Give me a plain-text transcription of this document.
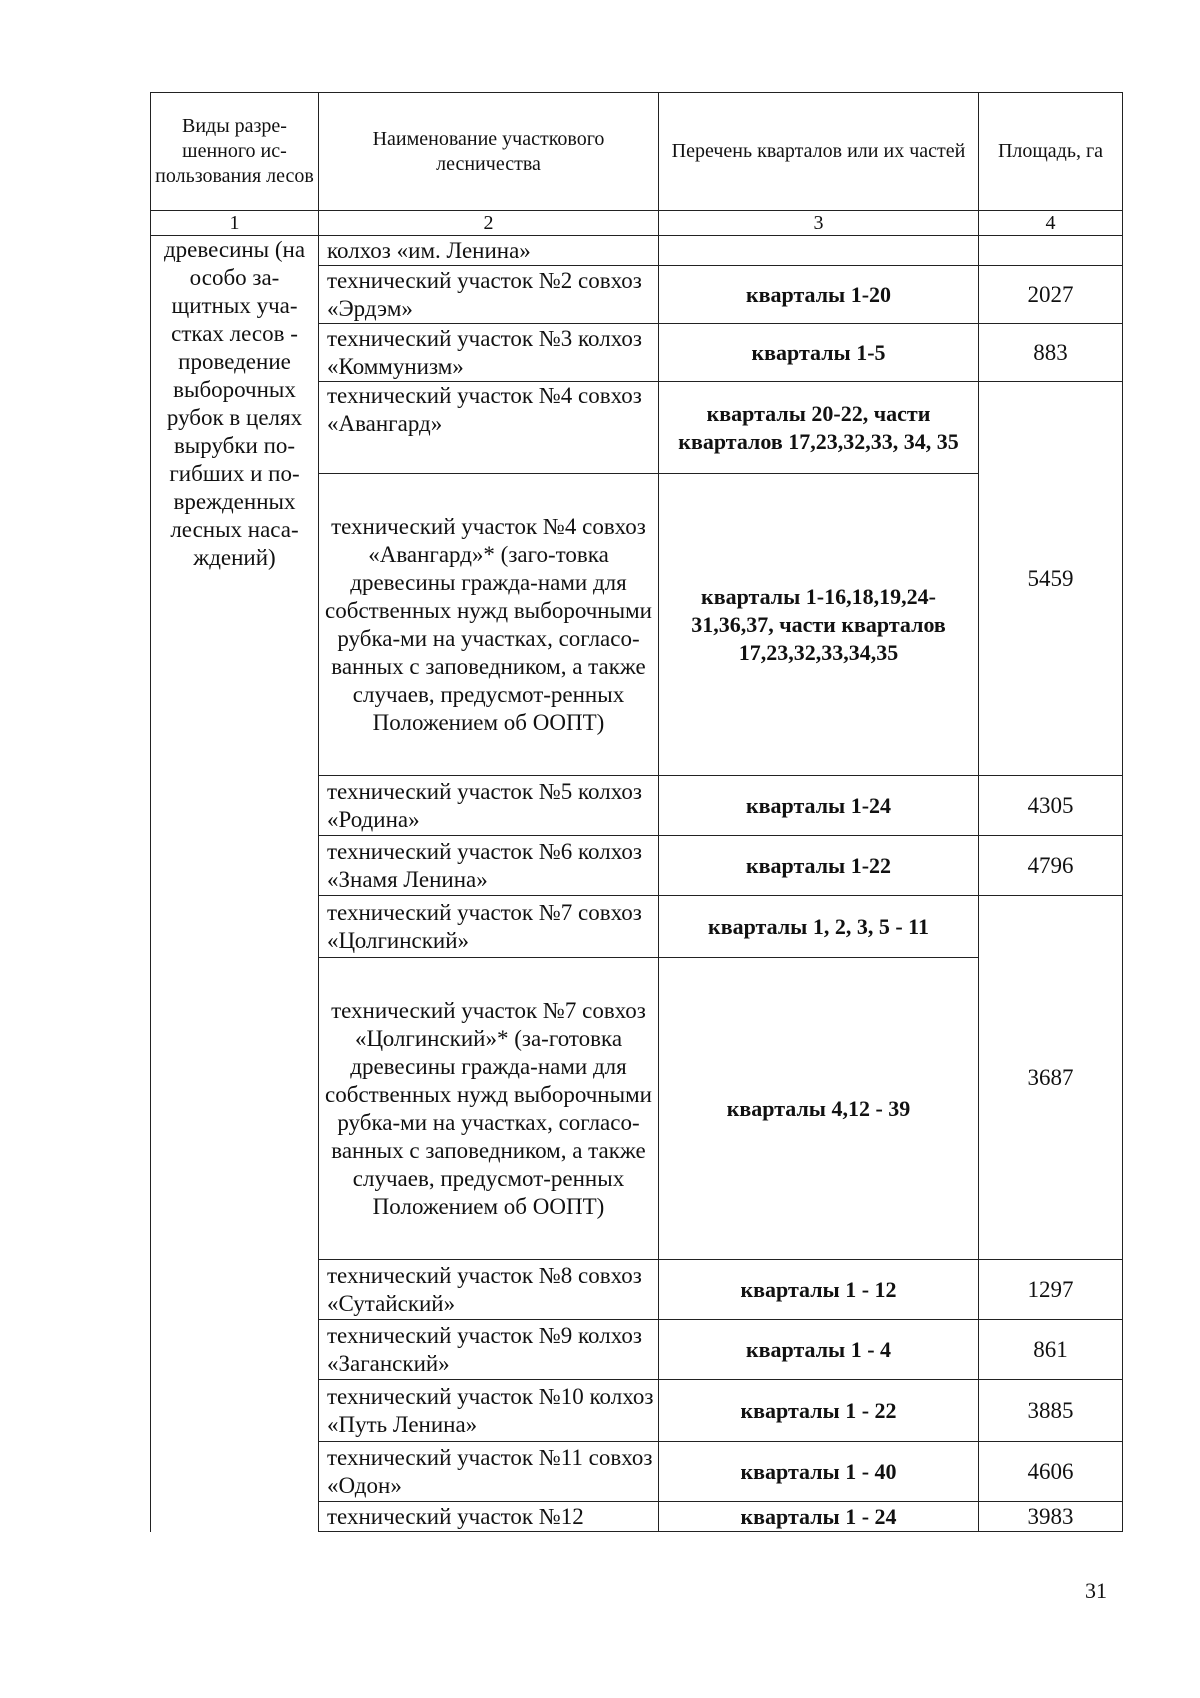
Виды разре-шенного ис-пользования лесов	Наименование участкового лесничества	Перечень кварталов или их частей	Площадь, га
1	2	3	4
древесины (на особо за-щитных уча-стках лесов - проведение выборочных рубок в целях вырубки по-гибших и по-врежденных лесных наса-ждений)	колхоз «им. Ленина»		
	технический участок №2 совхоз «Эрдэм»	кварталы 1-20	2027
	технический участок №3 колхоз «Коммунизм»	кварталы 1-5	883
	технический участок №4 совхоз «Авангард»	кварталы 20-22, части кварталов 17,23,32,33, 34, 35	5459
	технический участок №4 совхоз «Авангард»* (заго-товка древесины гражда-нами для собственных нужд выборочными рубка-ми на участках, согласо-ванных с заповедником, а также случаев, предусмот-ренных Положением об ООПТ)	кварталы 1-16,18,19,24-31,36,37, части кварталов 17,23,32,33,34,35	
	технический участок №5 колхоз «Родина»	кварталы 1-24	4305
	технический участок №6 колхоз «Знамя Ленина»	кварталы 1-22	4796
	технический участок №7 совхоз «Цолгинский»	кварталы 1, 2, 3, 5 - 11	3687
	технический участок №7 совхоз «Цолгинский»* (за-готовка древесины гражда-нами для собственных нужд выборочными рубка-ми на участках, согласо-ванных с заповедником, а также случаев, предусмот-ренных Положением об ООПТ)	кварталы 4,12 - 39	
	технический участок №8 совхоз «Сутайский»	кварталы 1 - 12	1297
	технический участок №9 колхоз «Заганский»	кварталы 1 - 4	861
	технический участок №10 колхоз «Путь Ленина»	кварталы 1 - 22	3885
	технический участок №11 совхоз «Одон»	кварталы 1 - 40	4606
	технический участок №12	кварталы 1 - 24	3983
31
